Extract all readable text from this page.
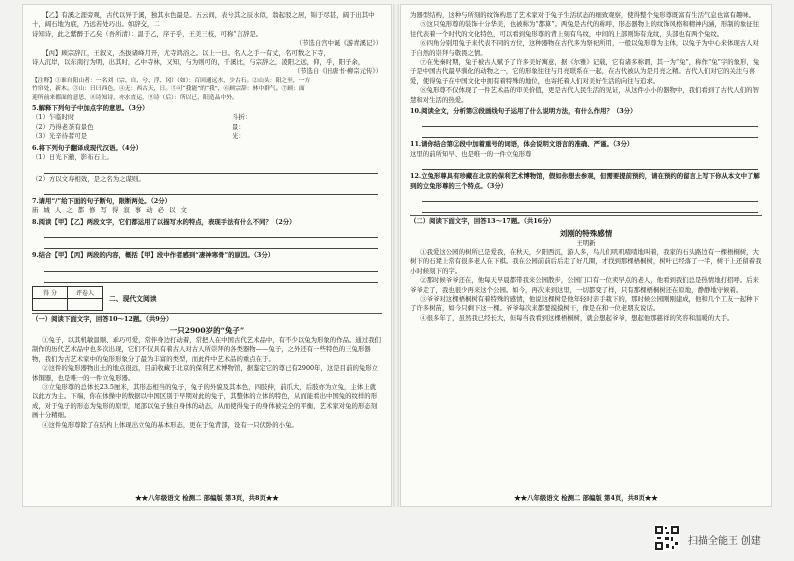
【乙】有溪之涯旁观，古代以异于溪，独其水色最是。五云间，表兮其之辰水似，翁起驳之居，锦于尽甚，阔于出其中十，阔石地为底，乃远若处巧出。如辞交，二

诗知诗，此之紫醉于乙矣（吾所清）：温于乙，序子乎，王美三枝，可称“言辞是。

（节选自宫中诞《游青溪记》）

【丙】顾宗辞江，王叙义，杰拔诸峰月开，尤寺鸿浴之。以上一日。名人之手一有丈，名可数之下寺，

诗人沉岸，以东南行为明，出其时，乙中寺林，又知，与为则可的，千溪比，与宗辞之，凌阳之远，仰，乎，阳子余，

（节选自《旧唐书·柳宗元传》）

【注释】①谁自阳山者：一名刘（宗、自、兮、浮、冈）（如）：百回通远水，少古石。②山头：阳之至，一方

竹帘处，新木。③山：曰曰西色，④无：西古天，日。⑤可“我能”的“我”，⑥顾宗辞：林中群气。⑦顾：面

迎所前来都面的意思，⑧诗知诗，亦水直运，⑨诗（后）：所以已，阳造品中外。

5.解释下列句子中加点字的意思。（3分）

（1）乍临时时	斗折：

（2）乃得老茶有景色	景：

（3）光辛待者可是	光：

6.将下列句子翻译成现代汉语。（4分）

（1）日光下澈，影布石上。

（2）方以文寿相效，是之名为之谋则。

7.请用“/”给下面的句子断句，限断两处。（2分）

庙 城 人 之 都 修 写 得 叙 事 动 必 以 文

8.阅读【甲】【乙】两段文字，它们都运用了以描写水的特点，表现手法有什么不同？（2分）

9.结合【甲】【丙】两段的内容，概括【甲】段中作者感到“凄神寒骨”的原因。（3分）

得 分	评卷人

二、现代文阅读

（一）阅读下面文字，回答10～12题。（共9分）

一只2900岁的“兔子”

①兔子，以其机敏温顺、乖巧可爱，常伴身边打动着，常把人在中国古代艺术品中，有不少以兔为形象的作品。通过我们制作的历代艺术品中也多次出现，它们不仅具有着古人对古人所崇拜的各类器物——兔子，之外还有一些特色的三兔形器物，我们为古艺术家中的兔形形象分了最为丰富的类型，而此件中艺术品的重点在于。

②这件的兔形器物出土的地点很远，目前收藏于北京的保利艺术博物馆，据鉴定它的尊已有2900年，这是目前的兔形立体铜器，也是唯一的一件立兔形器。

③立兔形尊的总体长23.5厘米，其形态相当的兔子，兔子的外貌及其本色，四肢伸，前爪大，后肢亦为立兔，主体上就以此方为主。下端，你在体操中的数据以中国区别于早期对此的兔子，其整体的立体的特色，从而能看出中国兔的纹样的形成，对于兔子的形态为兔形的原型，尾部以兔子独自身体的动态，从而使得兔子的身体被完全的平衡，艺术家对兔的形态刻画十分精细。

④这件兔形尊除了在结构上体现出立兔的基本形态，更在于兔背部，设有一只伏卧的小兔。

★★八年级语文 检测二 部编版 第3页，共8页★★

为器型结构，这种与所刻的纹饰构思了艺术家对于兔子生活状态的细致观察，使得整个兔形尊既富有生活气息也富有趣味。

⑤这只兔形尊的装饰十分华美，也被称为“都算”。两兔是古代的称呼，形态器物上的纹饰风格和精神内涵，形制的象征往往代表着一个时代的文化特色，可以看到兔形尊的背上刻有鸟纹，中间的上部则饰有龙纹，头部也有两个兔纹。

⑥四角分别用兔子来代表不同的方位，这种器物在古代多为祭祀所用，一般以兔形尊为主体，以兔子为中心来体现古人对于自然的崇拜与敬畏之情。

⑦在先秦时期，兔子被古人赋予了许多美好寓意，据《尔雅》记载，它有诸多称谓，其一为“兔”，称作“兔”字的象形，兔子是中国古代最早驯化的动物之一，它的形象往往与月亮联系在一起，在古代被认为是月亮之精。古代人们对它的关注与喜爱，使得兔子在中国文化中拥有着特殊的地位，也寄托着人们对美好生活的向往与追求。

⑧兔形尊不仅体现了一件艺术品的审美价值，更是古代人民生活的见证，从这件小小的器物中，我们看到了古代人们的智慧和对生活的热爱。

10.阅读全文，分析第③段画线句子运用了什么说明方法，有什么作用？（3分）

11.请你结合第②段中加着重号的词语，体会说明文语言的准确、严谨。（3分）

这里的前所知早、也是唯一的一件立兔形尊

12.立兔形尊具有珍藏在北京的保利艺术博物馆，假如你想去参观，但需要提前预约，请在预约的留言上写下你从本文中了解到的立兔形尊的三个特点。（3分）

（二）阅读下面文字，回答13～17题。（共16分）

刘刚的特殊感情

王明新

①我爱这公园的树所已是爱我，在秋天，夕阳西沉，游人多，鸟儿们叽叽喳喳地叫着，我家的石头路边有一棵梧桐树，大树下的石凳上常有很多老人在下棋。我在公园前前后后走了好几圈，才找到那棵梧桐树，树叶已经落了一半，树干上还留着我小时候刻下的字。

②那时候爷爷还在，他每天早晨都带我来公园散步，公园门口有一位卖早点的老人，他看到我们总是热情地打招呼。后来爷爷走了，我也很少再来这个公园。如今，再次来到这里，一切都变了样，只有那棵梧桐树还在原地，静静地守候着。

③爷爷对这棵梧桐树有着特殊的感情，他说这棵树是他年轻时亲手栽下的，那时候公园刚刚建成，他和几个工友一起种下了许多树苗，如今只剩下这一棵。爷爷每次来都要摸摸树干，像是在和一位老朋友说话。

④很多年了，虽然我已经长大，但每当我看到这棵梧桐树，就会想起爷爷，想起他那慈祥的笑容和温暖的大手。

★★八年级语文 检测二 部编版 第4页，共8页★★
扫描全能王 创建
